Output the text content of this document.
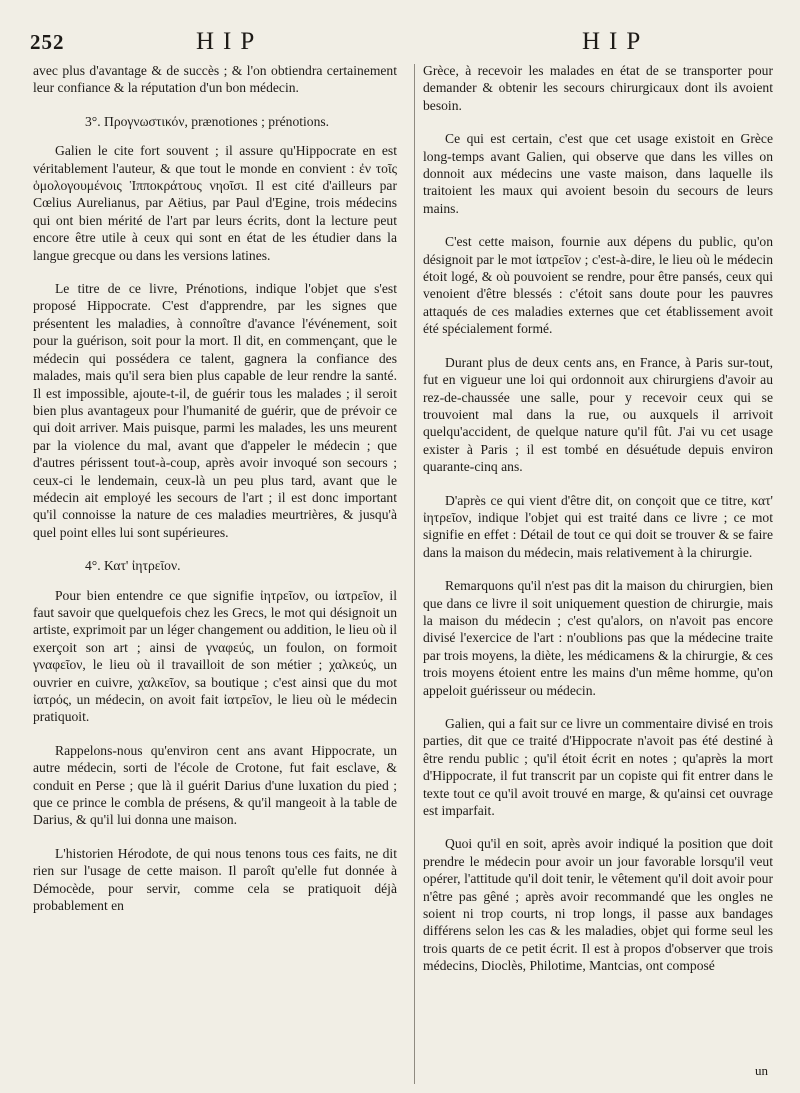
252	HIP	HIP

avec plus d'avantage & de succès ; & l'on obtiendra certainement leur confiance & la réputation d'un bon médecin.

3°. Προγνωστικόν, prænotiones ; prénotions.

Galien le cite fort souvent ; il assure qu'Hippocrate en est véritablement l'auteur, & que tout le monde en convient : ἐν τοῖς ὁμολογουμένοις Ἱπποκράτους νηοῖσι. Il est cité d'ailleurs par Cœlius Aurelianus, par Aëtius, par Paul d'Egine, trois médecins qui ont bien mérité de l'art par leurs écrits, dont la lecture peut encore être utile à ceux qui sont en état de les étudier dans la langue grecque ou dans les versions latines.

Le titre de ce livre, Prénotions, indique l'objet que s'est proposé Hippocrate. C'est d'apprendre, par les signes que présentent les maladies, à connoître d'avance l'événement, soit pour la guérison, soit pour la mort. Il dit, en commençant, que le médecin qui possédera ce talent, gagnera la confiance des malades, mais qu'il sera bien plus capable de leur rendre la santé. Il est impossible, ajoute-t-il, de guérir tous les malades ; il seroit bien plus avantageux pour l'humanité de guérir, que de prévoir ce qui doit arriver. Mais puisque, parmi les malades, les uns meurent par la violence du mal, avant que d'appeler le médecin ; que d'autres périssent tout-à-coup, après avoir invoqué son secours ; ceux-ci le lendemain, ceux-là un peu plus tard, avant que le médecin ait employé les secours de l'art ; il est donc important qu'il connoisse la nature de ces maladies meurtrières, & jusqu'à quel point elles lui sont supérieures.

4°. Κατ' ἰητρεῖον.

Pour bien entendre ce que signifie ἰητρεῖον, ou ἰατρεῖον, il faut savoir que quelquefois chez les Grecs, le mot qui désignoit un artiste, exprimoit par un léger changement ou addition, le lieu où il exerçoit son art ; ainsi de γναφεύς, un foulon, on formoit γναφεῖον, le lieu où il travailloit de son métier ; χαλκεύς, un ouvrier en cuivre, χαλκεῖον, sa boutique ; c'est ainsi que du mot ἰατρός, un médecin, on avoit fait ἰατρεῖον, le lieu où le médecin pratiquoit.

Rappelons-nous qu'environ cent ans avant Hippocrate, un autre médecin, sorti de l'école de Crotone, fut fait esclave, & conduit en Perse ; que là il guérit Darius d'une luxation du pied ; que ce prince le combla de présens, & qu'il mangeoit à la table de Darius, & qu'il lui donna une maison.

L'historien Hérodote, de qui nous tenons tous ces faits, ne dit rien sur l'usage de cette maison. Il paroît qu'elle fut donnée à Démocède, pour servir, comme cela se pratiquoit déjà probablement en

Grèce, à recevoir les malades en état de se transporter pour demander & obtenir les secours chirurgicaux dont ils avoient besoin.

Ce qui est certain, c'est que cet usage existoit en Grèce long-temps avant Galien, qui observe que dans les villes on donnoit aux médecins une vaste maison, dans laquelle ils traitoient les maux qui avoient besoin du secours de leurs mains.

C'est cette maison, fournie aux dépens du public, qu'on désignoit par le mot ἰατρεῖον ; c'est-à-dire, le lieu où le médecin étoit logé, & où pouvoient se rendre, pour être pansés, ceux qui venoient d'être blessés : c'étoit sans doute pour les pauvres attaqués de ces maladies externes que cet établissement avoit été spécialement formé.

Durant plus de deux cents ans, en France, à Paris sur-tout, fut en vigueur une loi qui ordonnoit aux chirurgiens d'avoir au rez-de-chaussée une salle, pour y recevoir ceux qui se trouvoient mal dans la rue, ou auxquels il arrivoit quelqu'accident, de quelque nature qu'il fût. J'ai vu cet usage exister à Paris ; il est tombé en désuétude depuis environ quarante-cinq ans.

D'après ce qui vient d'être dit, on conçoit que ce titre, κατ' ἰητρεῖον, indique l'objet qui est traité dans ce livre ; ce mot signifie en effet : Détail de tout ce qui doit se trouver & se faire dans la maison du médecin, mais relativement à la chirurgie.

Remarquons qu'il n'est pas dit la maison du chirurgien, bien que dans ce livre il soit uniquement question de chirurgie, mais la maison du médecin ; c'est qu'alors, on n'avoit pas encore divisé l'exercice de l'art : n'oublions pas que la médecine traite par trois moyens, la diète, les médicamens & la chirurgie, & ces trois moyens étoient entre les mains d'un même homme, qu'on appeloit guérisseur ou médecin.

Galien, qui a fait sur ce livre un commentaire divisé en trois parties, dit que ce traité d'Hippocrate n'avoit pas été destiné à être rendu public ; qu'il étoit écrit en notes ; qu'après la mort d'Hippocrate, il fut transcrit par un copiste qui fit entrer dans le texte tout ce qu'il avoit trouvé en marge, & qu'ainsi cet ouvrage est imparfait.

Quoi qu'il en soit, après avoir indiqué la position que doit prendre le médecin pour avoir un jour favorable lorsqu'il veut opérer, l'attitude qu'il doit tenir, le vêtement qu'il doit avoir pour n'être pas gêné ; après avoir recommandé que les ongles ne soient ni trop courts, ni trop longs, il passe aux bandages différens selon les cas & les maladies, objet qui forme seul les trois quarts de ce petit écrit. Il est à propos d'observer que trois médecins, Dioclès, Philotime, Mantcias, ont composé

un
